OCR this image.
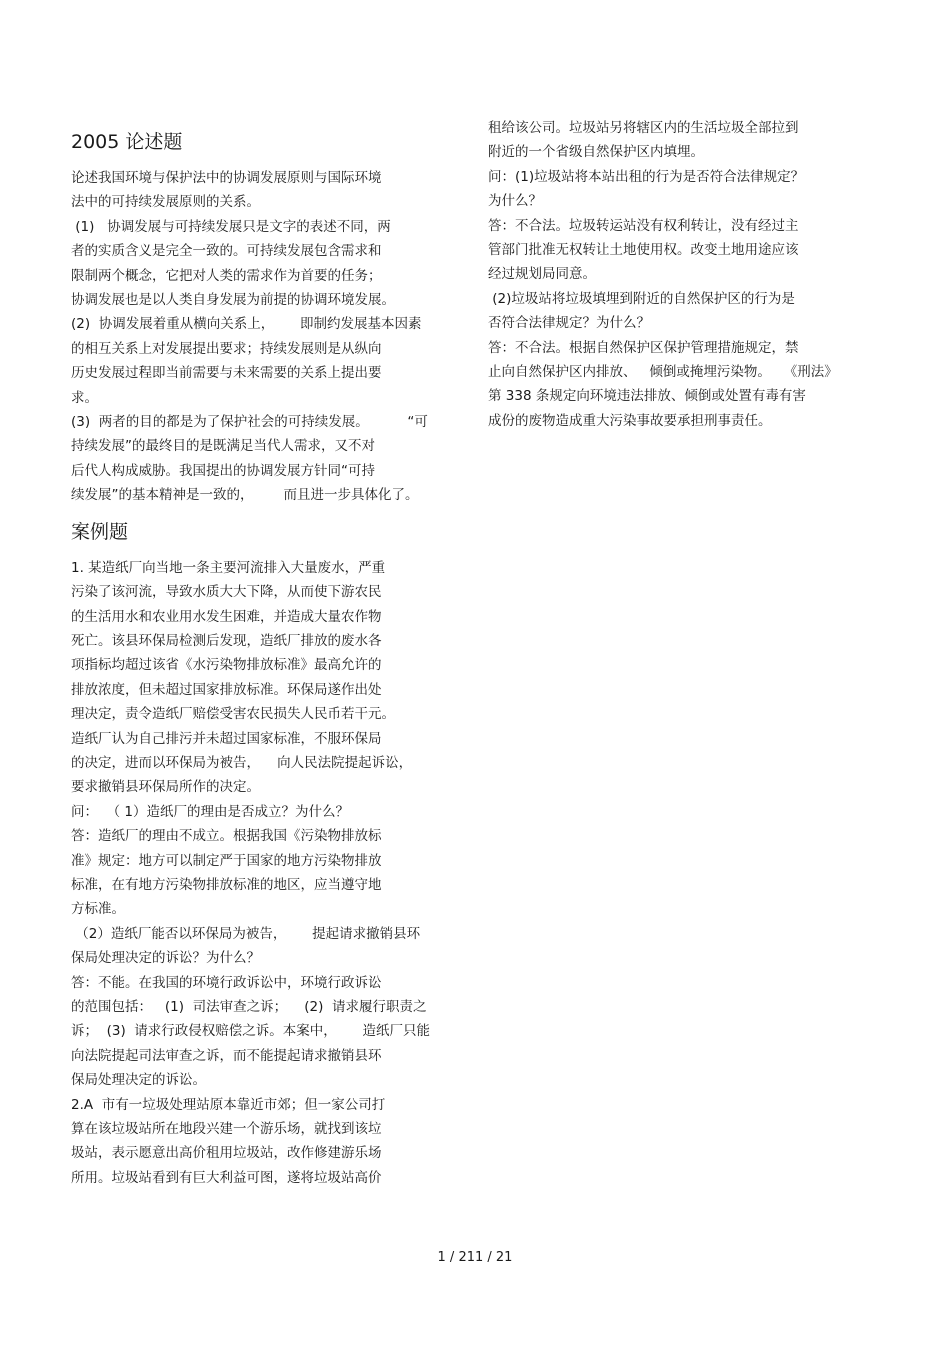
2005 论述题
论述我国环境与保护法中的协调发展原则与国际环境
法中的可持续发展原则的关系。
(1)   协调发展与可持续发展只是文字的表述不同，两
者的实质含义是完全一致的。可持续发展包含需求和
限制两个概念，它把对人类的需求作为首要的任务；
协调发展也是以人类自身发展为前提的协调环境发展。
(2)  协调发展着重从横向关系上，      即制约发展基本因素
的相互关系上对发展提出要求；持续发展则是从纵向
历史发展过程即当前需要与未来需要的关系上提出要
求。
(3)  两者的目的都是为了保护社会的可持续发展。         “可
持续发展”的最终目的是既满足当代人需求，又不对
后代人构成威胁。我国提出的协调发展方针同“可持
续发展”的基本精神是一致的，       而且进一步具体化了。
案例题
1. 某造纸厂向当地一条主要河流排入大量废水，严重
污染了该河流，导致水质大大下降，从而使下游农民
的生活用水和农业用水发生困难，并造成大量农作物
死亡。该县环保局检测后发现，造纸厂排放的废水各
项指标均超过该省《水污染物排放标准》最高允许的
排放浓度，但未超过国家排放标准。环保局遂作出处
理决定，责令造纸厂赔偿受害农民损失人民币若干元。
造纸厂认为自己排污并未超过国家标准，不服环保局
的决定，进而以环保局为被告，    向人民法院提起诉讼，
要求撤销县环保局所作的决定。
问：  （ 1）造纸厂的理由是否成立？为什么？
答：造纸厂的理由不成立。根据我国《污染物排放标
准》规定：地方可以制定严于国家的地方污染物排放
标准，在有地方污染物排放标准的地区，应当遵守地
方标准。
（2）造纸厂能否以环保局为被告，      提起请求撤销县环
保局处理决定的诉讼？为什么？
答：不能。在我国的环境行政诉讼中，环境行政诉讼
的范围包括：   (1)  司法审查之诉；    (2)  请求履行职责之
诉；  (3)  请求行政侵权赔偿之诉。本案中，      造纸厂只能
向法院提起司法审查之诉，而不能提起请求撤销县环
保局处理决定的诉讼。
2.A  市有一垃圾处理站原本靠近市郊；但一家公司打
算在该垃圾站所在地段兴建一个游乐场，就找到该垃
圾站，表示愿意出高价租用垃圾站，改作修建游乐场
所用。垃圾站看到有巨大利益可图，遂将垃圾站高价
租给该公司。垃圾站另将辖区内的生活垃圾全部拉到
附近的一个省级自然保护区内填埋。
问：(1)垃圾站将本站出租的行为是否符合法律规定？
为什么？
答：不合法。垃圾转运站没有权利转让，没有经过主
管部门批准无权转让土地使用权。改变土地用途应该
经过规划局同意。
(2)垃圾站将垃圾填埋到附近的自然保护区的行为是
否符合法律规定？为什么？
答：不合法。根据自然保护区保护管理措施规定，禁
止向自然保护区内排放、   倾倒或掩埋污染物。   《刑法》
第 338 条规定向环境违法排放、倾倒或处置有毒有害
成份的废物造成重大污染事故要承担刑事责任。
1 / 211 / 21
